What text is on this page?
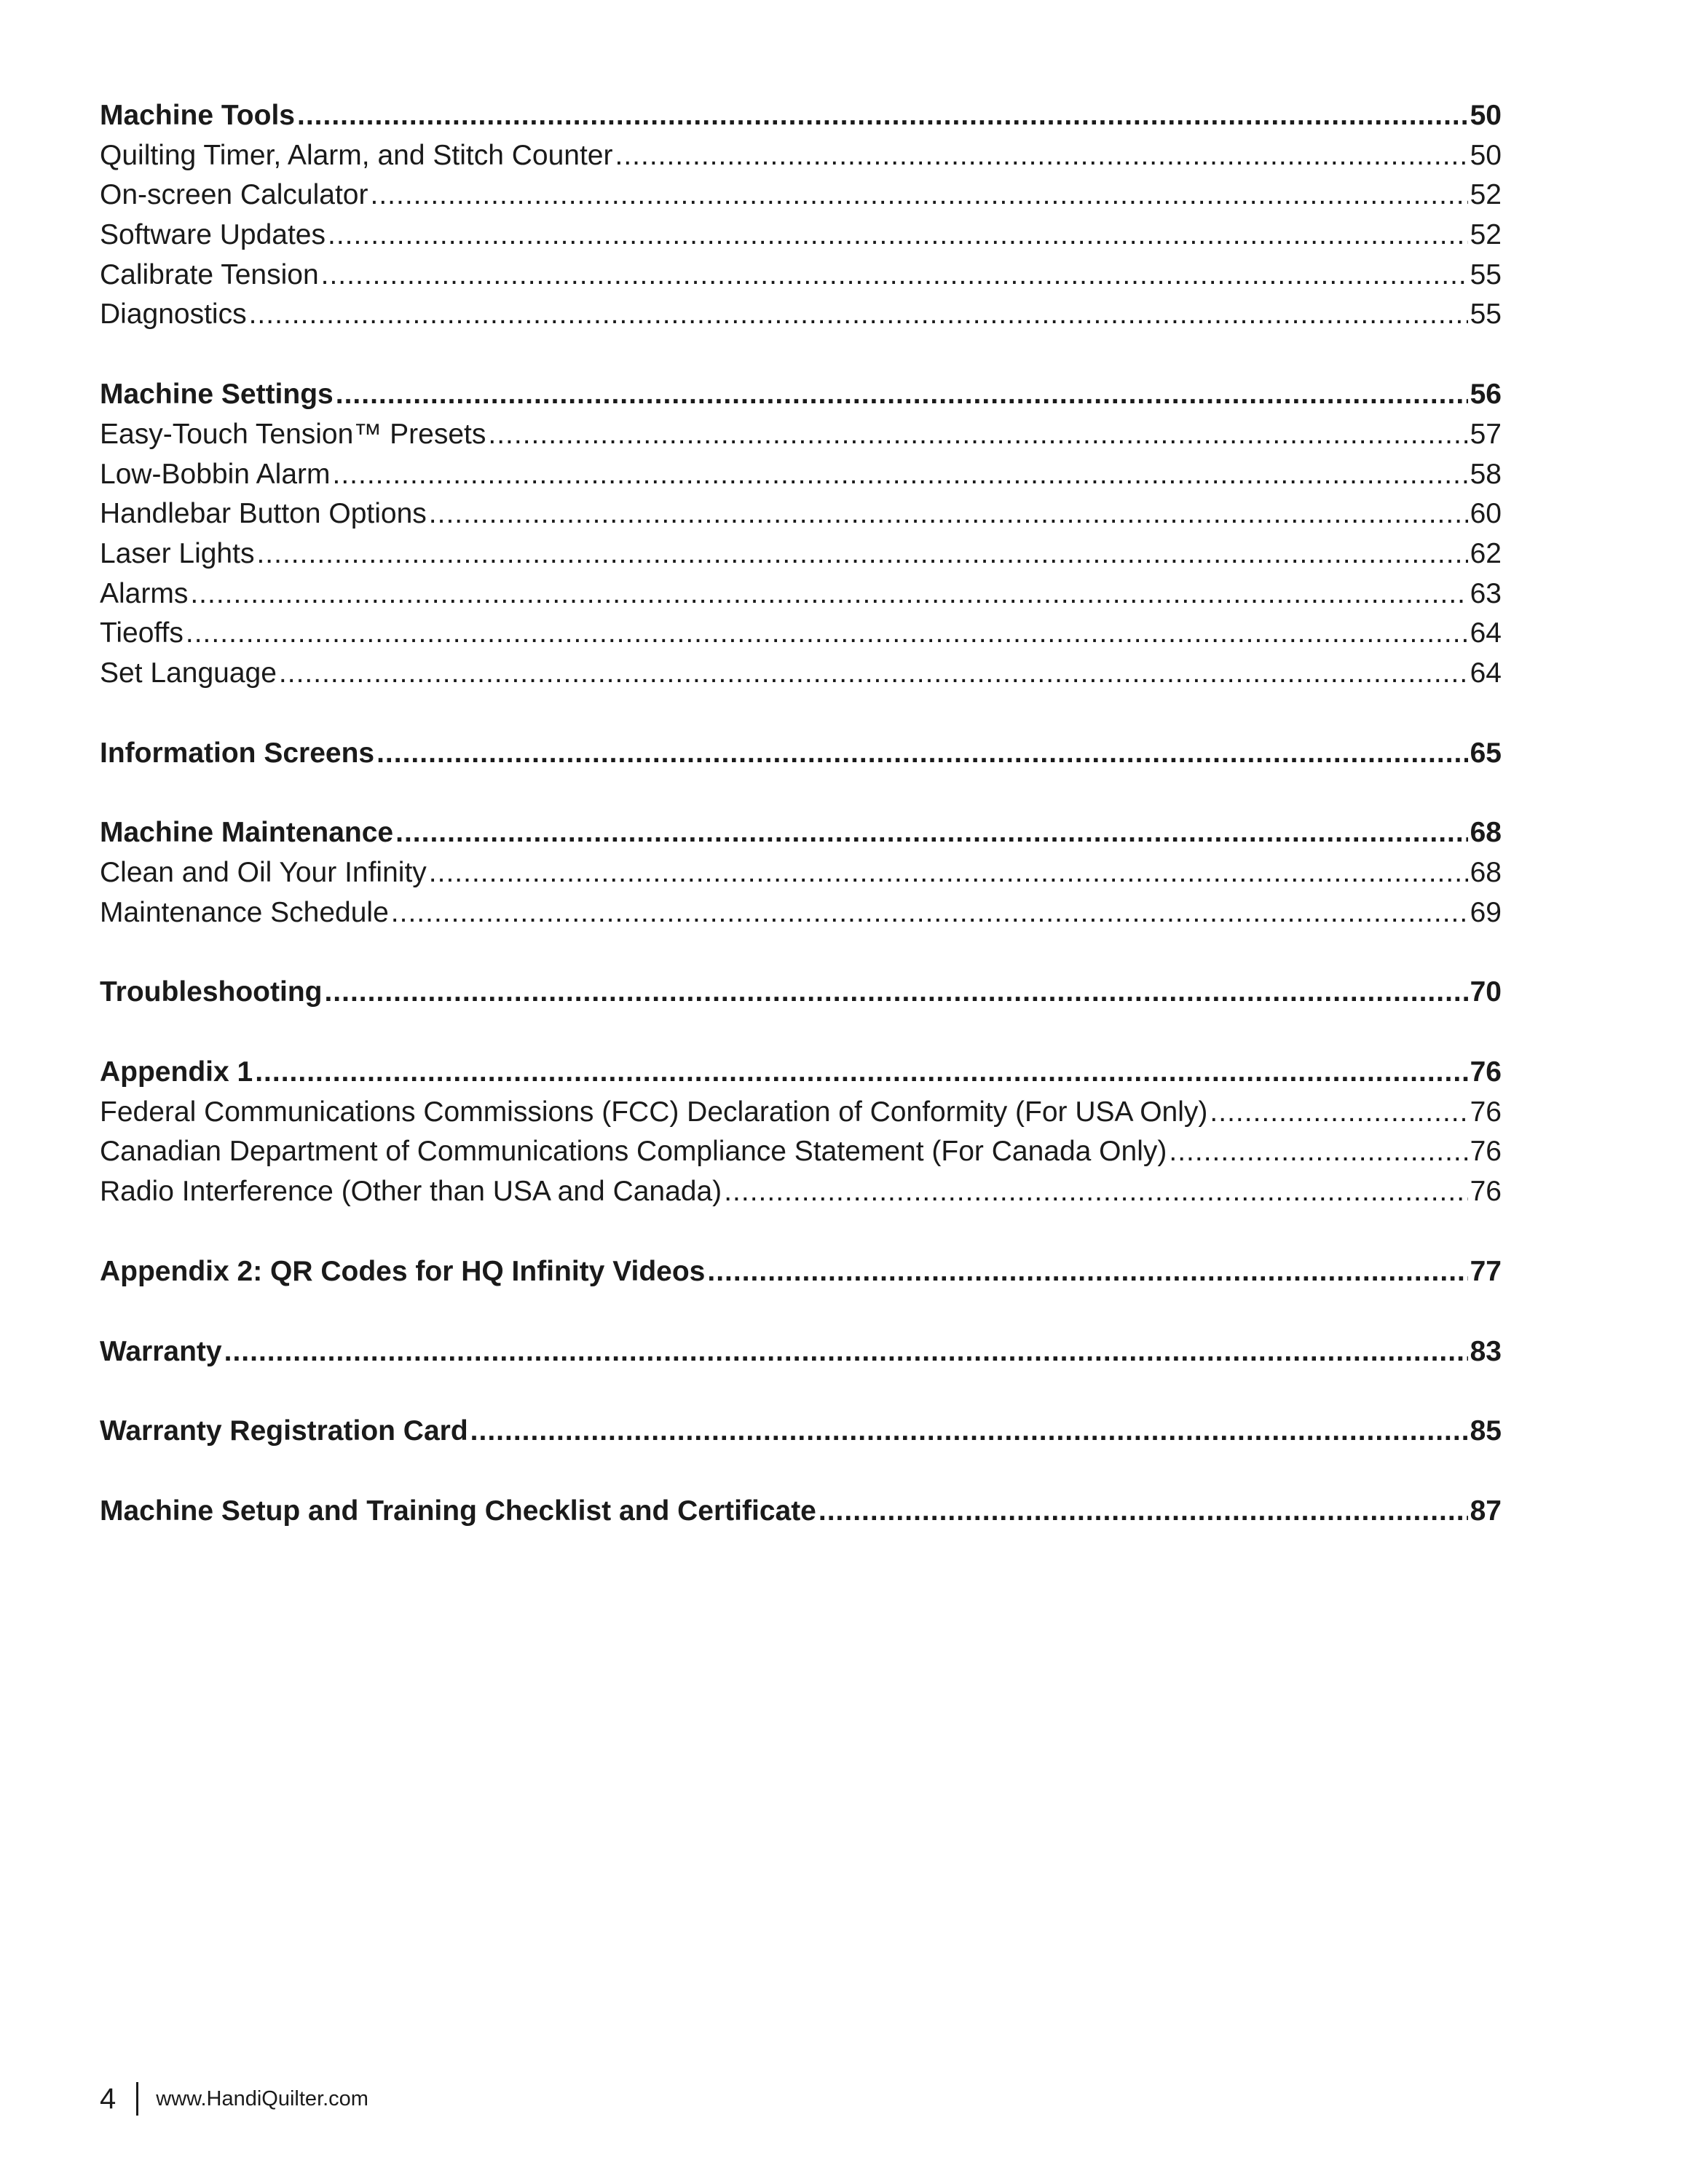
Machine Tools .....	50
Quilting Timer, Alarm, and Stitch Counter .....	50
On-screen Calculator .....	52
Software Updates .....	52
Calibrate Tension .....	55
Diagnostics .....	55
Machine Settings .....	56
Easy-Touch Tension™ Presets .....	57
Low-Bobbin Alarm .....	58
Handlebar Button Options .....	60
Laser Lights .....	62
Alarms .....	63
Tieoffs .....	64
Set Language .....	64
Information Screens .....	65
Machine Maintenance .....	68
Clean and Oil Your Infinity .....	68
Maintenance Schedule .....	69
Troubleshooting .....	70
Appendix 1 .....	76
Federal Communications Commissions (FCC) Declaration of Conformity (For USA Only) .....	76
Canadian Department of Communications Compliance Statement (For Canada Only) .....	76
Radio Interference (Other than USA and Canada) .....	76
Appendix 2: QR Codes for HQ Infinity Videos .....	77
Warranty .....	83
Warranty Registration Card .....	85
Machine Setup and Training Checklist and Certificate .....	87
4 www.HandiQuilter.com
